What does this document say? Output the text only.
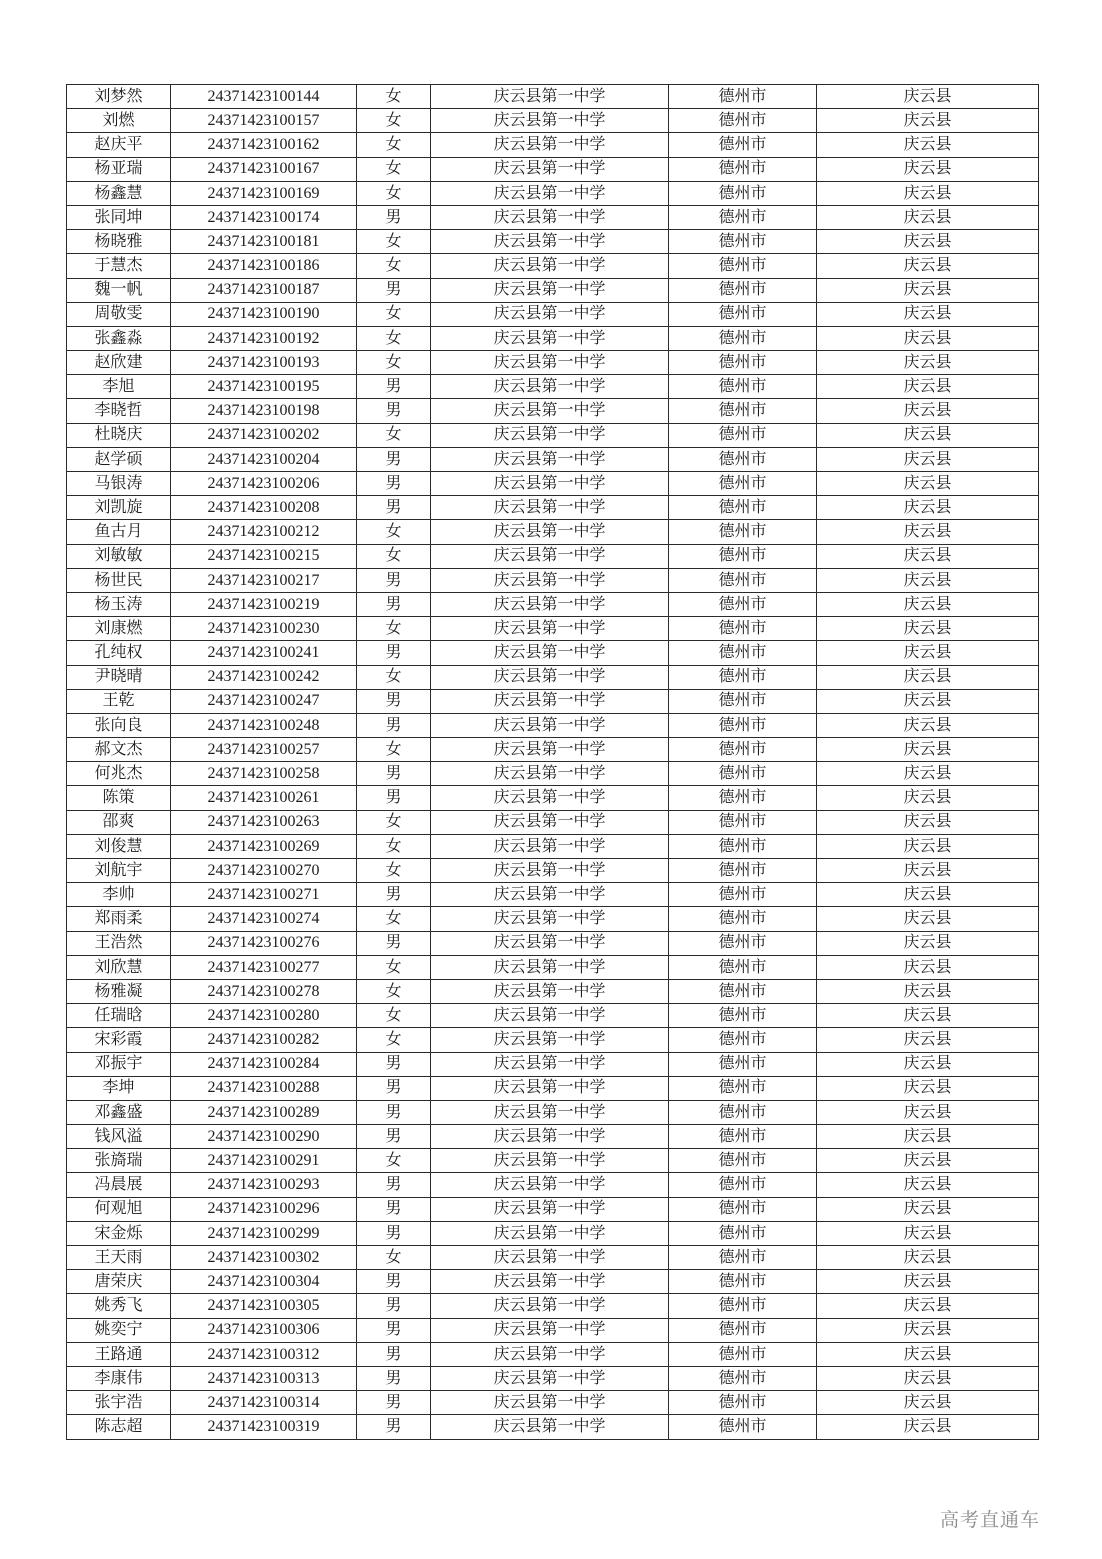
刘梦然	24371423100144	女	庆云县第一中学	德州市	庆云县
刘燃	24371423100157	女	庆云县第一中学	德州市	庆云县
赵庆平	24371423100162	女	庆云县第一中学	德州市	庆云县
杨亚瑞	24371423100167	女	庆云县第一中学	德州市	庆云县
杨鑫慧	24371423100169	女	庆云县第一中学	德州市	庆云县
张同坤	24371423100174	男	庆云县第一中学	德州市	庆云县
杨晓雅	24371423100181	女	庆云县第一中学	德州市	庆云县
于慧杰	24371423100186	女	庆云县第一中学	德州市	庆云县
魏一帆	24371423100187	男	庆云县第一中学	德州市	庆云县
周敬雯	24371423100190	女	庆云县第一中学	德州市	庆云县
张鑫淼	24371423100192	女	庆云县第一中学	德州市	庆云县
赵欣建	24371423100193	女	庆云县第一中学	德州市	庆云县
李旭	24371423100195	男	庆云县第一中学	德州市	庆云县
李晓哲	24371423100198	男	庆云县第一中学	德州市	庆云县
杜晓庆	24371423100202	女	庆云县第一中学	德州市	庆云县
赵学硕	24371423100204	男	庆云县第一中学	德州市	庆云县
马银涛	24371423100206	男	庆云县第一中学	德州市	庆云县
刘凯旋	24371423100208	男	庆云县第一中学	德州市	庆云县
鱼古月	24371423100212	女	庆云县第一中学	德州市	庆云县
刘敏敏	24371423100215	女	庆云县第一中学	德州市	庆云县
杨世民	24371423100217	男	庆云县第一中学	德州市	庆云县
杨玉涛	24371423100219	男	庆云县第一中学	德州市	庆云县
刘康燃	24371423100230	女	庆云县第一中学	德州市	庆云县
孔纯权	24371423100241	男	庆云县第一中学	德州市	庆云县
尹晓晴	24371423100242	女	庆云县第一中学	德州市	庆云县
王乾	24371423100247	男	庆云县第一中学	德州市	庆云县
张向良	24371423100248	男	庆云县第一中学	德州市	庆云县
郝文杰	24371423100257	女	庆云县第一中学	德州市	庆云县
何兆杰	24371423100258	男	庆云县第一中学	德州市	庆云县
陈策	24371423100261	男	庆云县第一中学	德州市	庆云县
邵爽	24371423100263	女	庆云县第一中学	德州市	庆云县
刘俊慧	24371423100269	女	庆云县第一中学	德州市	庆云县
刘航宇	24371423100270	女	庆云县第一中学	德州市	庆云县
李帅	24371423100271	男	庆云县第一中学	德州市	庆云县
郑雨柔	24371423100274	女	庆云县第一中学	德州市	庆云县
王浩然	24371423100276	男	庆云县第一中学	德州市	庆云县
刘欣慧	24371423100277	女	庆云县第一中学	德州市	庆云县
杨雅凝	24371423100278	女	庆云县第一中学	德州市	庆云县
任瑞晗	24371423100280	女	庆云县第一中学	德州市	庆云县
宋彩霞	24371423100282	女	庆云县第一中学	德州市	庆云县
邓振宇	24371423100284	男	庆云县第一中学	德州市	庆云县
李坤	24371423100288	男	庆云县第一中学	德州市	庆云县
邓鑫盛	24371423100289	男	庆云县第一中学	德州市	庆云县
钱风溢	24371423100290	男	庆云县第一中学	德州市	庆云县
张旖瑞	24371423100291	女	庆云县第一中学	德州市	庆云县
冯晨展	24371423100293	男	庆云县第一中学	德州市	庆云县
何观旭	24371423100296	男	庆云县第一中学	德州市	庆云县
宋金烁	24371423100299	男	庆云县第一中学	德州市	庆云县
王天雨	24371423100302	女	庆云县第一中学	德州市	庆云县
唐荣庆	24371423100304	男	庆云县第一中学	德州市	庆云县
姚秀飞	24371423100305	男	庆云县第一中学	德州市	庆云县
姚奕宁	24371423100306	男	庆云县第一中学	德州市	庆云县
王路通	24371423100312	男	庆云县第一中学	德州市	庆云县
李康伟	24371423100313	男	庆云县第一中学	德州市	庆云县
张宇浩	24371423100314	男	庆云县第一中学	德州市	庆云县
陈志超	24371423100319	男	庆云县第一中学	德州市	庆云县
高考直通车
